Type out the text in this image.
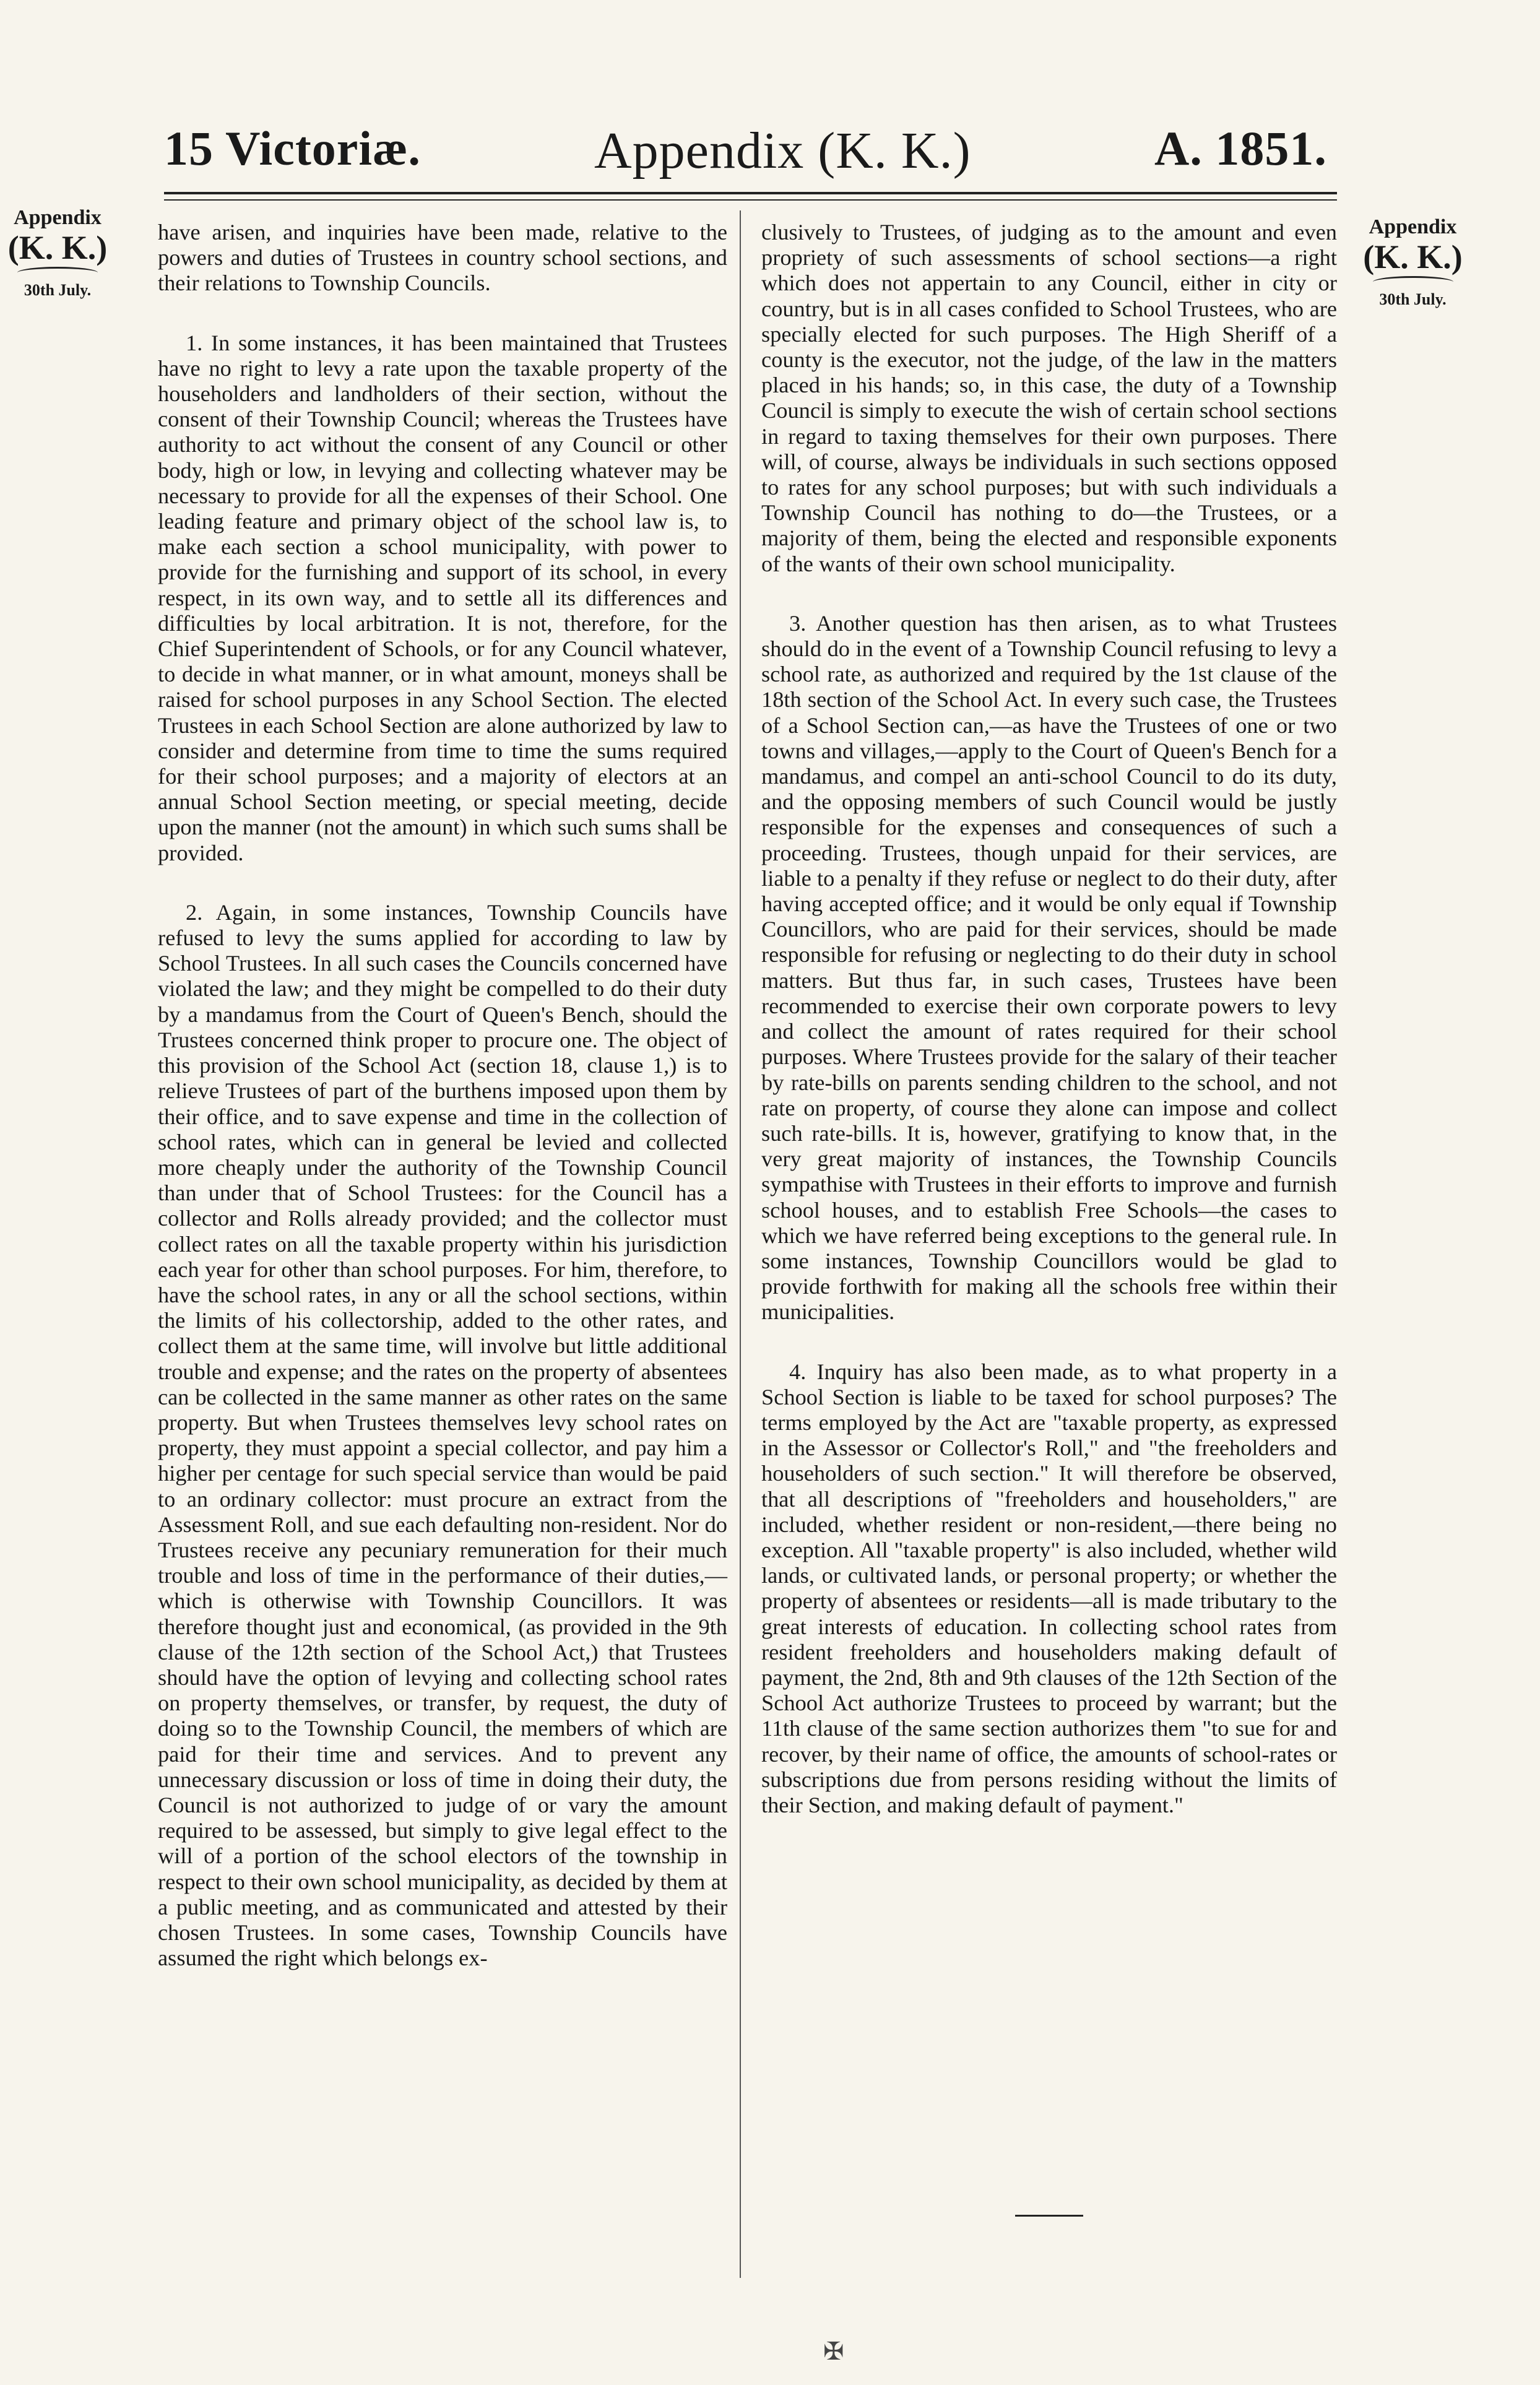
15 Victoriæ.	Appendix (K. K.)	A. 1851.
Appendix
(K. K.)
30th July.
Appendix
(K. K.)
30th July.

have arisen, and inquiries have been made, relative to the powers and duties of Trustees in country school sections, and their relations to Township Councils.

1. In some instances, it has been maintained that Trustees have no right to levy a rate upon the taxable property of the householders and landholders of their section, without the consent of their Township Council; whereas the Trustees have authority to act without the consent of any Council or other body, high or low, in levying and collecting whatever may be necessary to provide for all the expenses of their School. One leading feature and primary object of the school law is, to make each section a school municipality, with power to provide for the furnishing and support of its school, in every respect, in its own way, and to settle all its differences and difficulties by local arbitration. It is not, therefore, for the Chief Superintendent of Schools, or for any Council whatever, to decide in what manner, or in what amount, moneys shall be raised for school purposes in any School Section. The elected Trustees in each School Section are alone authorized by law to consider and determine from time to time the sums required for their school purposes; and a majority of electors at an annual School Section meeting, or special meeting, decide upon the manner (not the amount) in which such sums shall be provided.

2. Again, in some instances, Township Councils have refused to levy the sums applied for according to law by School Trustees. In all such cases the Councils concerned have violated the law; and they might be compelled to do their duty by a mandamus from the Court of Queen's Bench, should the Trustees concerned think proper to procure one. The object of this provision of the School Act (section 18, clause 1,) is to relieve Trustees of part of the burthens imposed upon them by their office, and to save expense and time in the collection of school rates, which can in general be levied and collected more cheaply under the authority of the Township Council than under that of School Trustees: for the Council has a collector and Rolls already provided; and the collector must collect rates on all the taxable property within his jurisdiction each year for other than school purposes. For him, therefore, to have the school rates, in any or all the school sections, within the limits of his collectorship, added to the other rates, and collect them at the same time, will involve but little additional trouble and expense; and the rates on the property of absentees can be collected in the same manner as other rates on the same property. But when Trustees themselves levy school rates on property, they must appoint a special collector, and pay him a higher per centage for such special service than would be paid to an ordinary collector: must procure an extract from the Assessment Roll, and sue each defaulting non-resident. Nor do Trustees receive any pecuniary remuneration for their much trouble and loss of time in the performance of their duties,—which is otherwise with Township Councillors. It was therefore thought just and economical, (as provided in the 9th clause of the 12th section of the School Act,) that Trustees should have the option of levying and collecting school rates on property themselves, or transfer, by request, the duty of doing so to the Township Council, the members of which are paid for their time and services. And to prevent any unnecessary discussion or loss of time in doing their duty, the Council is not authorized to judge of or vary the amount required to be assessed, but simply to give legal effect to the will of a portion of the school electors of the township in respect to their own school municipality, as decided by them at a public meeting, and as communicated and attested by their chosen Trustees. In some cases, Township Councils have assumed the right which belongs ex-

clusively to Trustees, of judging as to the amount and even propriety of such assessments of school sections—a right which does not appertain to any Council, either in city or country, but is in all cases confided to School Trustees, who are specially elected for such purposes. The High Sheriff of a county is the executor, not the judge, of the law in the matters placed in his hands; so, in this case, the duty of a Township Council is simply to execute the wish of certain school sections in regard to taxing themselves for their own purposes. There will, of course, always be individuals in such sections opposed to rates for any school purposes; but with such individuals a Township Council has nothing to do—the Trustees, or a majority of them, being the elected and responsible exponents of the wants of their own school municipality.

3. Another question has then arisen, as to what Trustees should do in the event of a Township Council refusing to levy a school rate, as authorized and required by the 1st clause of the 18th section of the School Act. In every such case, the Trustees of a School Section can,—as have the Trustees of one or two towns and villages,—apply to the Court of Queen's Bench for a mandamus, and compel an anti-school Council to do its duty, and the opposing members of such Council would be justly responsible for the expenses and consequences of such a proceeding. Trustees, though unpaid for their services, are liable to a penalty if they refuse or neglect to do their duty, after having accepted office; and it would be only equal if Township Councillors, who are paid for their services, should be made responsible for refusing or neglecting to do their duty in school matters. But thus far, in such cases, Trustees have been recommended to exercise their own corporate powers to levy and collect the amount of rates required for their school purposes. Where Trustees provide for the salary of their teacher by rate-bills on parents sending children to the school, and not rate on property, of course they alone can impose and collect such rate-bills. It is, however, gratifying to know that, in the very great majority of instances, the Township Councils sympathise with Trustees in their efforts to improve and furnish school houses, and to establish Free Schools—the cases to which we have referred being exceptions to the general rule. In some instances, Township Councillors would be glad to provide forthwith for making all the schools free within their municipalities.

4. Inquiry has also been made, as to what property in a School Section is liable to be taxed for school purposes? The terms employed by the Act are "taxable property, as expressed in the Assessor or Collector's Roll," and "the freeholders and householders of such section." It will therefore be observed, that all descriptions of "freeholders and householders," are included, whether resident or non-resident,—there being no exception. All "taxable property" is also included, whether wild lands, or cultivated lands, or personal property; or whether the property of absentees or residents—all is made tributary to the great interests of education. In collecting school rates from resident freeholders and householders making default of payment, the 2nd, 8th and 9th clauses of the 12th Section of the School Act authorize Trustees to proceed by warrant; but the 11th clause of the same section authorizes them "to sue for and recover, by their name of office, the amounts of school-rates or subscriptions due from persons residing without the limits of their Section, and making default of payment."

✠
